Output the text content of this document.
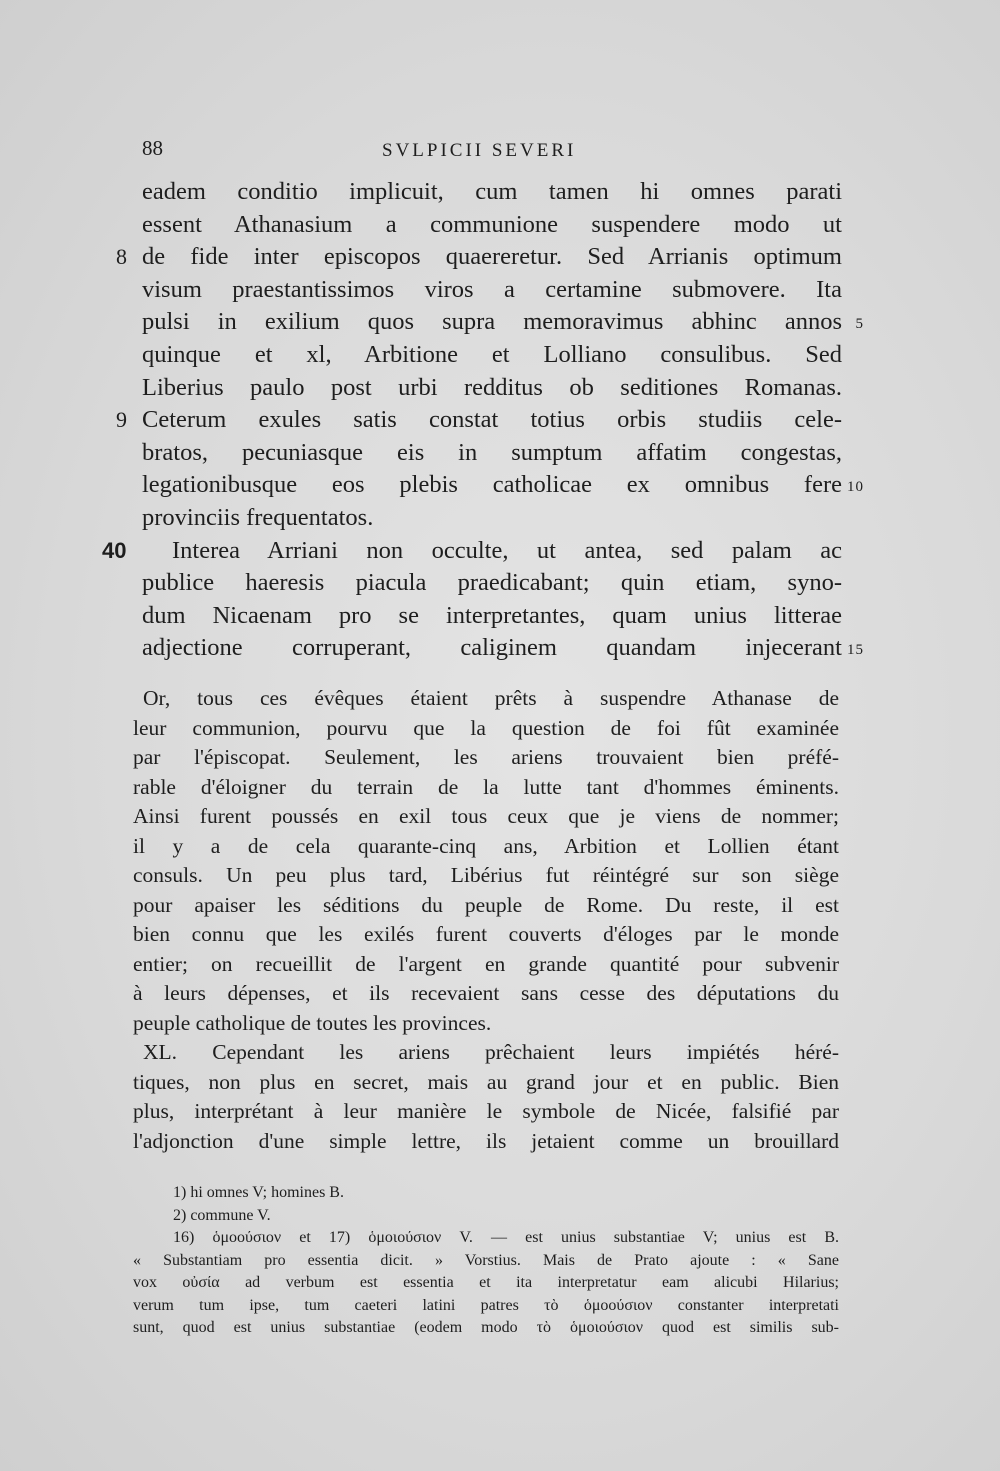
88	SVLPICII SEVERI
eadem conditio implicuit, cum tamen hi omnes parati
essent Athanasium a communione suspendere modo ut
8 de fide inter episcopos quaereretur. Sed Arrianis optimum
visum praestantissimos viros a certamine submovere. Ita
pulsi in exilium quos supra memoravimus abhinc annos 5
quinque et xl, Arbitione et Lolliano consulibus. Sed
Liberius paulo post urbi redditus ob seditiones Romanas.
9 Ceterum exules satis constat totius orbis studiis cele-
bratos, pecuniasque eis in sumptum affatim congestas,
legationibusque eos plebis catholicae ex omnibus fere 10
provinciis frequentatos.
40 Interea Arriani non occulte, ut antea, sed palam ac
publice haeresis piacula praedicabant; quin etiam, syno-
dum Nicaenam pro se interpretantes, quam unius litterae
adjectione corruperant, caliginem quandam injecerant 15
Or, tous ces évêques étaient prêts à suspendre Athanase de
leur communion, pourvu que la question de foi fût examinée
par l'épiscopat. Seulement, les ariens trouvaient bien préfé-
rable d'éloigner du terrain de la lutte tant d'hommes éminents.
Ainsi furent poussés en exil tous ceux que je viens de nommer;
il y a de cela quarante-cinq ans, Arbition et Lollien étant
consuls. Un peu plus tard, Libérius fut réintégré sur son siège
pour apaiser les séditions du peuple de Rome. Du reste, il est
bien connu que les exilés furent couverts d'éloges par le monde
entier; on recueillit de l'argent en grande quantité pour subvenir
à leurs dépenses, et ils recevaient sans cesse des députations du
peuple catholique de toutes les provinces.
XL. Cependant les ariens prêchaient leurs impiétés héré-
tiques, non plus en secret, mais au grand jour et en public. Bien
plus, interprétant à leur manière le symbole de Nicée, falsifié par
l'adjonction d'une simple lettre, ils jetaient comme un brouillard
1) hi omnes V; homines B.
2) commune V.
16) ὁμοούσιον et 17) ὁμοιούσιον V. — est unius substantiae V; unius est B.
« Substantiam pro essentia dicit. » Vorstius. Mais de Prato ajoute : « Sane
vox οὐσία ad verbum est essentia et ita interpretatur eam alicubi Hilarius;
verum tum ipse, tum caeteri latini patres τὸ ὁμοούσιον constanter interpretati
sunt, quod est unius substantiae (eodem modo τὸ ὁμοιούσιον quod est similis sub-
